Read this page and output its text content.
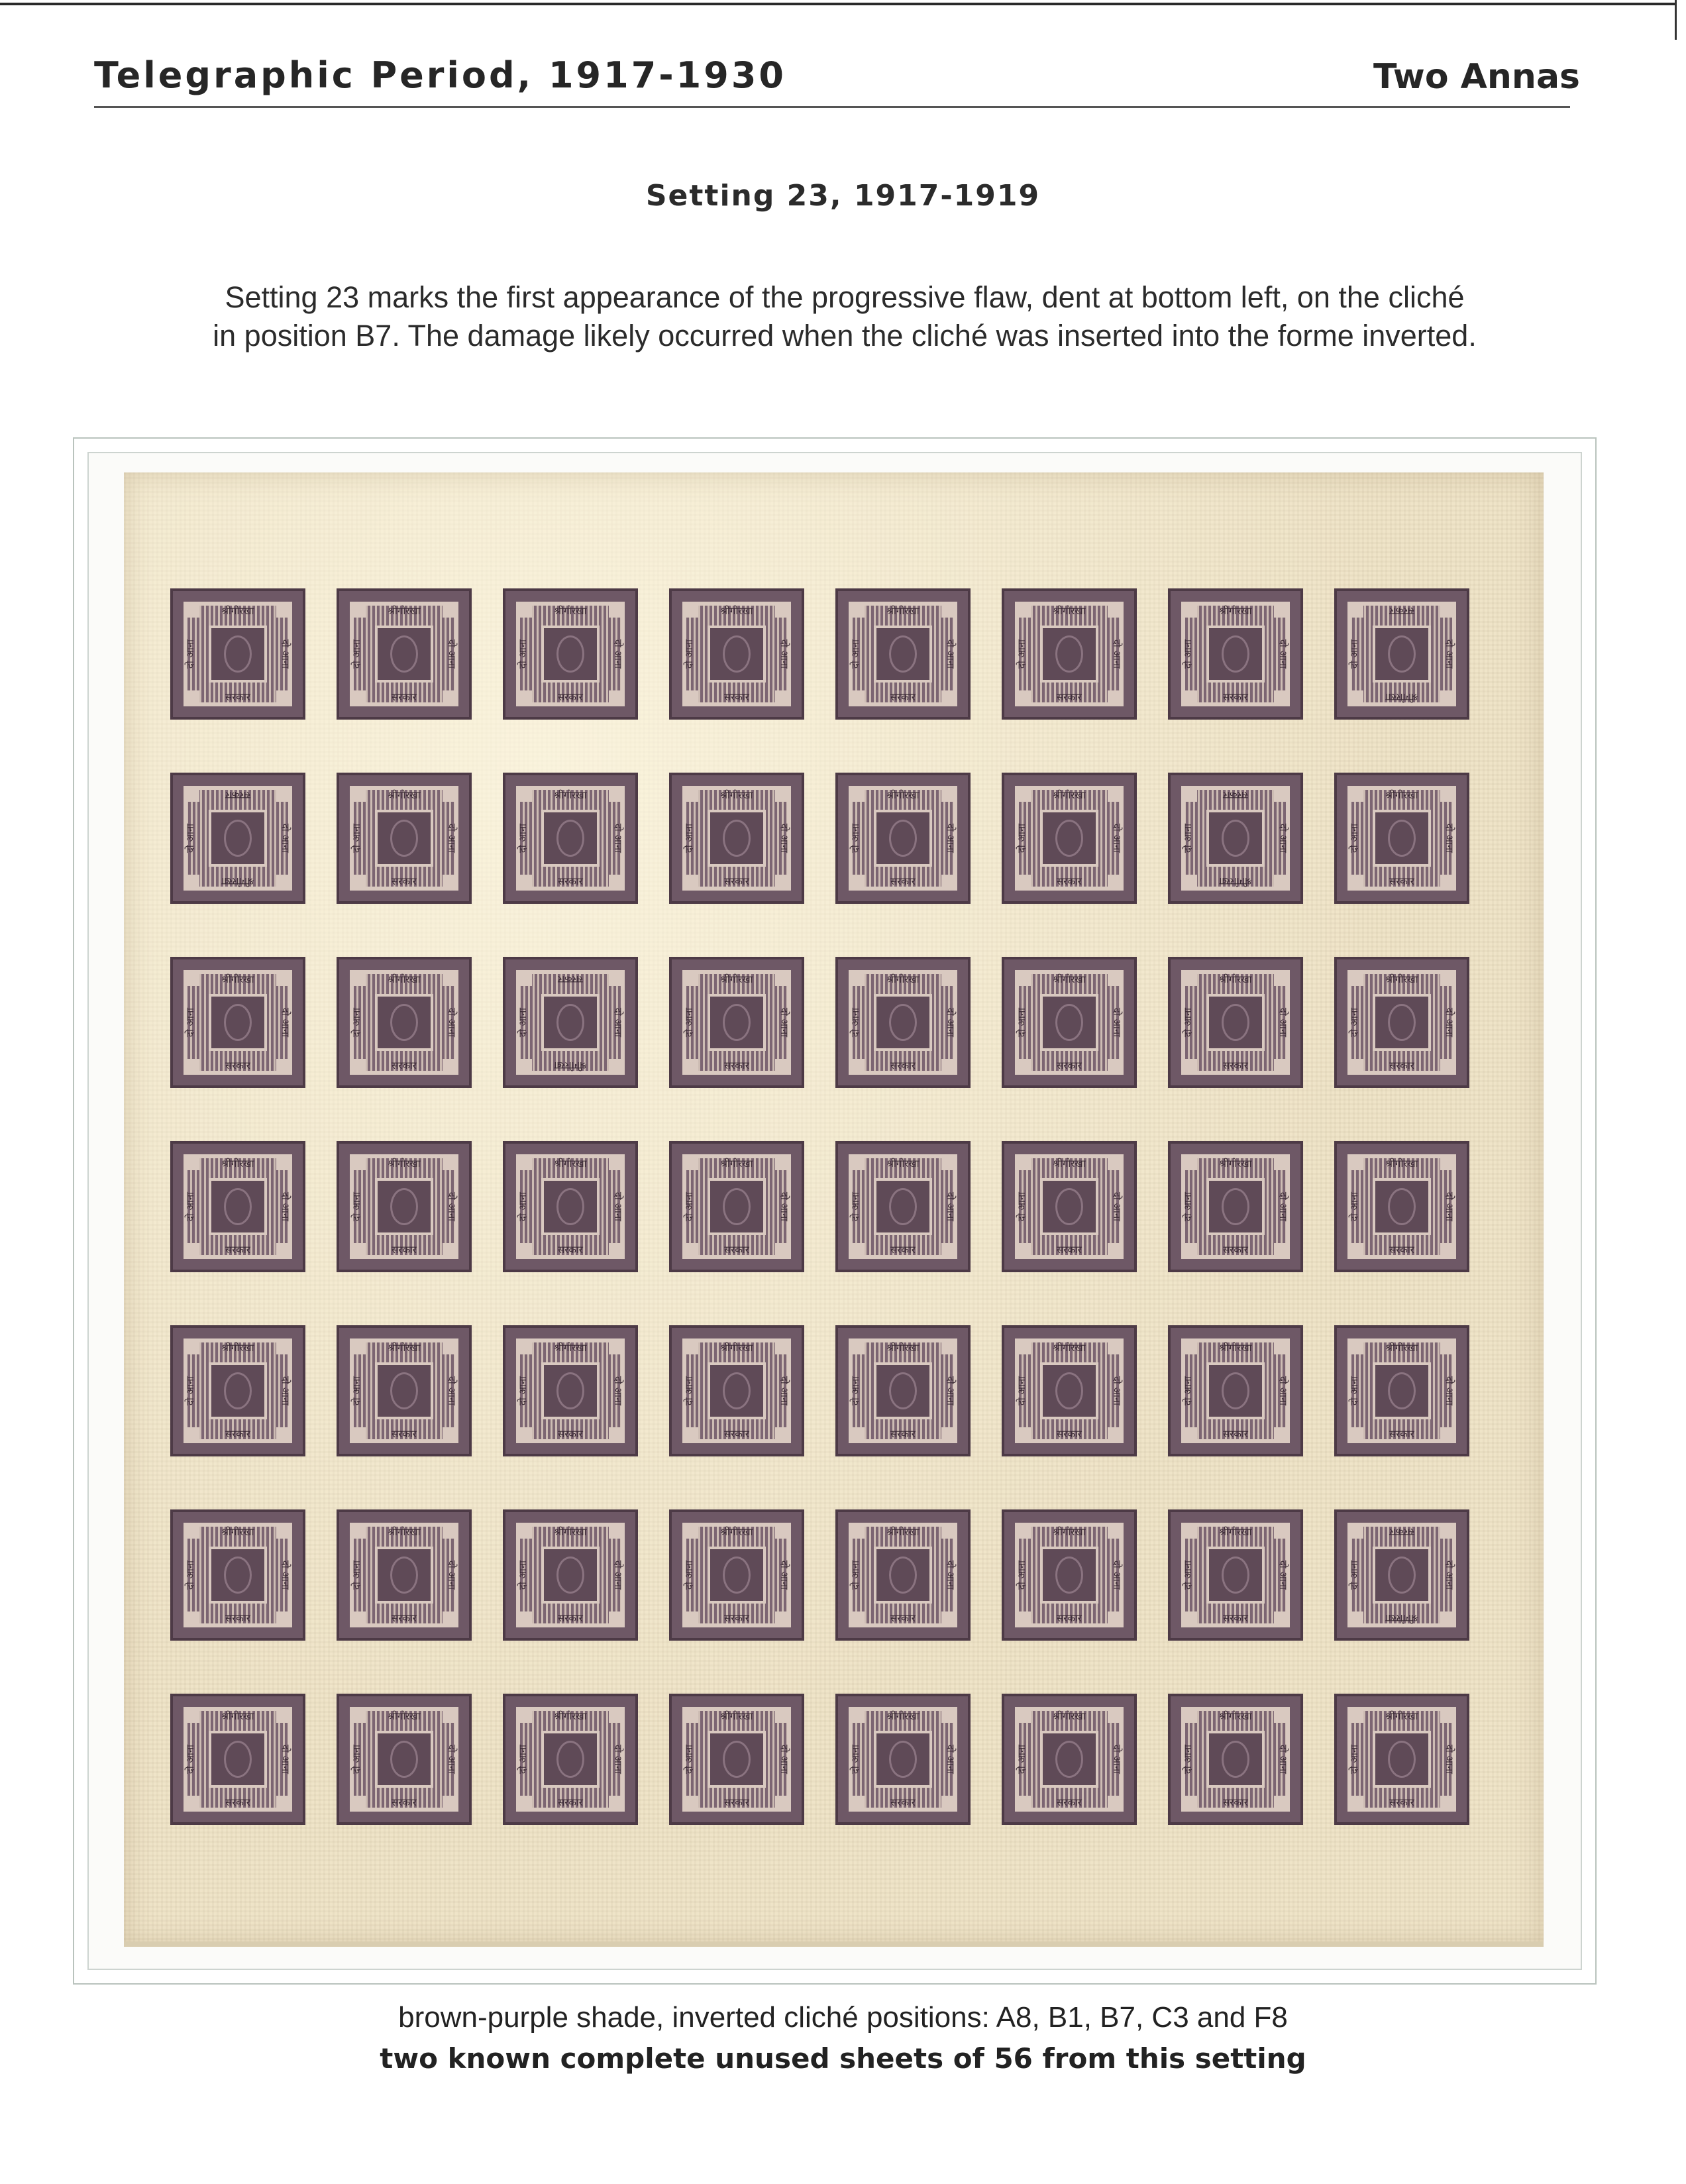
Telegraphic Period, 1917-1930	Two Annas
Setting 23, 1917-1919
Setting 23 marks the first appearance of the progressive flaw, dent at bottom left, on the cliché
in position B7. The damage likely occurred when the cliché was inserted into the forme inverted.
श्रीगोरखा
सरकार
दो आना	दो आना
श्रीगोरखा
सरकार
दो आना	दो आना
श्रीगोरखा
सरकार
दो आना	दो आना
श्रीगोरखा
सरकार
दो आना	दो आना
श्रीगोरखा
सरकार
दो आना	दो आना
श्रीगोरखा
सरकार
दो आना	दो आना
श्रीगोरखा
सरकार
दो आना	दो आना
श्रीगोरखा
सरकार
दो आना
दो आना
श्रीगोरखा
सरकार
दो आना
दो आना
श्रीगोरखा
सरकार
दो आना	दो आना
श्रीगोरखा
सरकार
दो आना	दो आना
श्रीगोरखा
सरकार
दो आना	दो आना
श्रीगोरखा
सरकार
दो आना	दो आना
श्रीगोरखा
सरकार
दो आना	दो आना
श्रीगोरखा
सरकार
दो आना
दो आना
श्रीगोरखा
सरकार
दो आना	दो आना
श्रीगोरखा
सरकार
दो आना	दो आना
श्रीगोरखा
सरकार
दो आना	दो आना
श्रीगोरखा
सरकार
दो आना
दो आना
श्रीगोरखा
सरकार
दो आना	दो आना
श्रीगोरखा
सरकार
दो आना	दो आना
श्रीगोरखा
सरकार
दो आना	दो आना
श्रीगोरखा
सरकार
दो आना	दो आना
श्रीगोरखा
सरकार
दो आना	दो आना
श्रीगोरखा
सरकार
दो आना	दो आना
श्रीगोरखा
सरकार
दो आना	दो आना
श्रीगोरखा
सरकार
दो आना	दो आना
श्रीगोरखा
सरकार
दो आना	दो आना
श्रीगोरखा
सरकार
दो आना	दो आना
श्रीगोरखा
सरकार
दो आना	दो आना
श्रीगोरखा
सरकार
दो आना	दो आना
श्रीगोरखा
सरकार
दो आना	दो आना
श्रीगोरखा
सरकार
दो आना	दो आना
श्रीगोरखा
सरकार
दो आना	दो आना
श्रीगोरखा
सरकार
दो आना	दो आना
श्रीगोरखा
सरकार
दो आना	दो आना
श्रीगोरखा
सरकार
दो आना	दो आना
श्रीगोरखा
सरकार
दो आना	दो आना
श्रीगोरखा
सरकार
दो आना	दो आना
श्रीगोरखा
सरकार
दो आना	दो आना
श्रीगोरखा
सरकार
दो आना	दो आना
श्रीगोरखा
सरकार
दो आना	दो आना
श्रीगोरखा
सरकार
दो आना	दो आना
श्रीगोरखा
सरकार
दो आना	दो आना
श्रीगोरखा
सरकार
दो आना	दो आना
श्रीगोरखा
सरकार
दो आना	दो आना
श्रीगोरखा
सरकार
दो आना	दो आना
श्रीगोरखा
सरकार
दो आना
दो आना
श्रीगोरखा
सरकार
दो आना	दो आना
श्रीगोरखा
सरकार
दो आना	दो आना
श्रीगोरखा
सरकार
दो आना	दो आना
श्रीगोरखा
सरकार
दो आना	दो आना
श्रीगोरखा
सरकार
दो आना	दो आना
श्रीगोरखा
सरकार
दो आना	दो आना
श्रीगोरखा
सरकार
दो आना	दो आना
श्रीगोरखा
सरकार
दो आना	दो आना
brown-purple shade, inverted cliché positions: A8, B1, B7, C3 and F8
two known complete unused sheets of 56 from this setting
